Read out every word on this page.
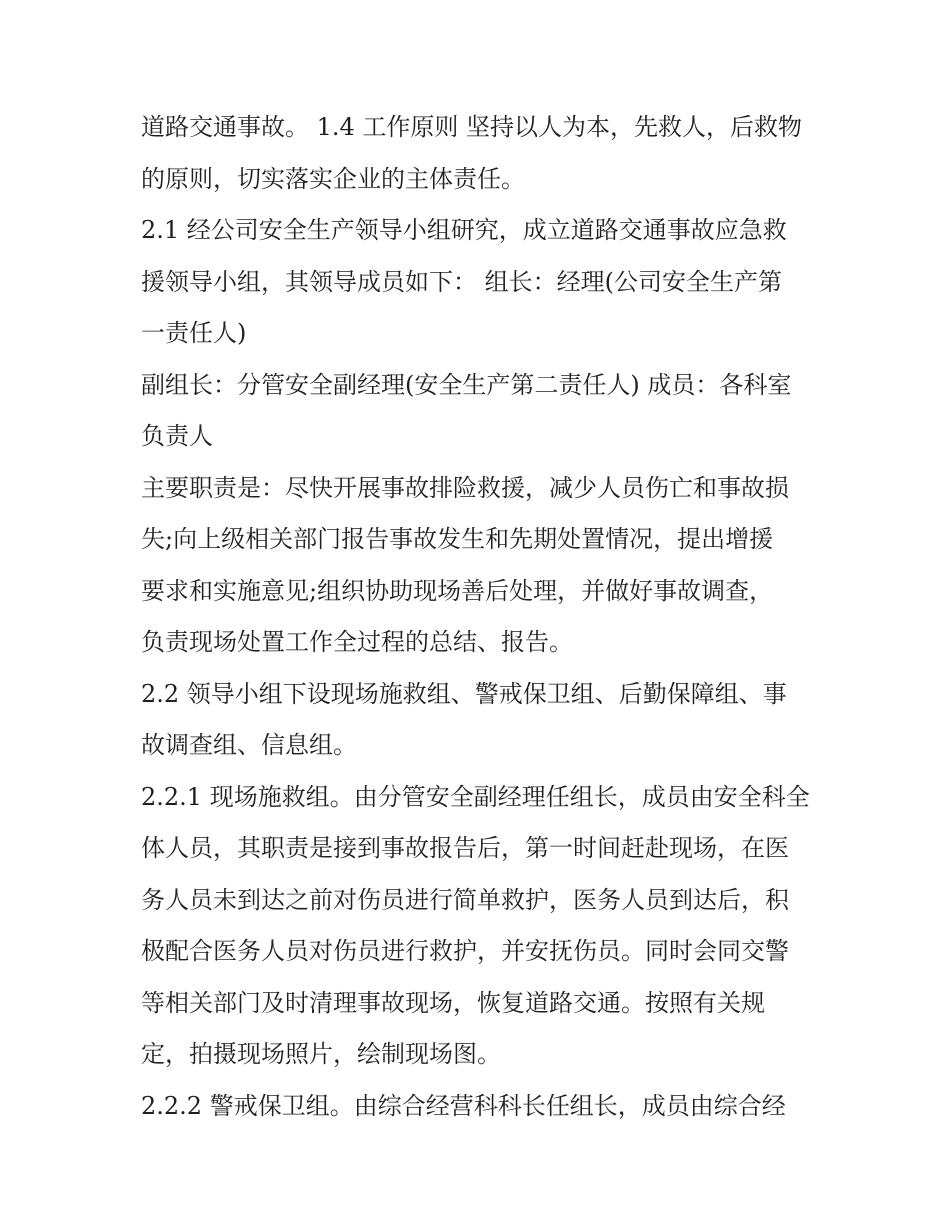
道路交通事故。 1.4 工作原则 坚持以人为本，先救人，后救物
的原则，切实落实企业的主体责任。
2.1 经公司安全生产领导小组研究，成立道路交通事故应急救
援领导小组，其领导成员如下： 组长：经理(公司安全生产第
一责任人)
副组长：分管安全副经理(安全生产第二责任人) 成员：各科室
负责人
主要职责是：尽快开展事故排险救援，减少人员伤亡和事故损
失;向上级相关部门报告事故发生和先期处置情况，提出增援
要求和实施意见;组织协助现场善后处理，并做好事故调查，
负责现场处置工作全过程的总结、报告。
2.2 领导小组下设现场施救组、警戒保卫组、后勤保障组、事
故调查组、信息组。
2.2.1 现场施救组。由分管安全副经理任组长，成员由安全科全
体人员，其职责是接到事故报告后，第一时间赶赴现场，在医
务人员未到达之前对伤员进行简单救护，医务人员到达后，积
极配合医务人员对伤员进行救护，并安抚伤员。同时会同交警
等相关部门及时清理事故现场，恢复道路交通。按照有关规
定，拍摄现场照片，绘制现场图。
2.2.2 警戒保卫组。由综合经营科科长任组长，成员由综合经
